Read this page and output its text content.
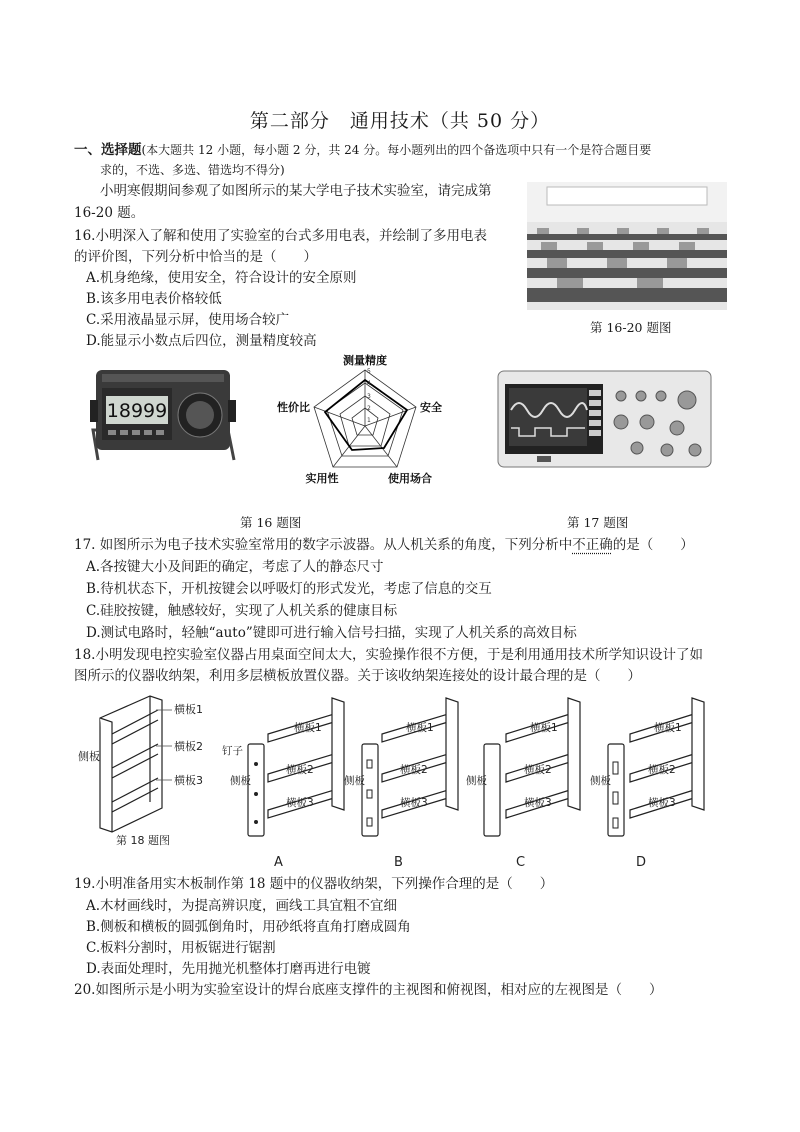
第二部分　通用技术（共 50 分）
一、选择题(本大题共 12 小题，每小题 2 分，共 24 分。每小题列出的四个备选项中只有一个是符合题目要
求的，不选、多选、错选均不得分)
小明寒假期间参观了如图所示的某大学电子技术实验室，请完成第
16-20 题。
第 16-20 题图
16.小明深入了解和使用了实验室的台式多用电表，并绘制了多用电表
的评价图，下列分析中恰当的是（　　）
A.机身绝缘，使用安全，符合设计的安全原则
B.该多用电表价格较低
C.采用液晶显示屏，使用场合较广
D.能显示小数点后四位，测量精度较高
18999	1
2
3
4
5
测量精度
安全
使用场合
实用性
性价比
第 16 题图	第 17 题图
17. 如图所示为电子技术实验室常用的数字示波器。从人机关系的角度，下列分析中不正确的是（　　）
A.各按键大小及间距的确定，考虑了人的静态尺寸
B.待机状态下，开机按键会以呼吸灯的形式发光，考虑了信息的交互
C.硅胶按键，触感较好，实现了人机关系的健康目标
D.测试电路时，轻触“auto”键即可进行输入信号扫描，实现了人机关系的高效目标
18.小明发现电控实验室仪器占用桌面空间太大，实验操作很不方便，于是利用通用技术所学知识设计了如
图所示的仪器收纳架，利用多层横板放置仪器。关于该收纳架连接处的设计最合理的是（　　）
横板1
横板2
横板3
侧板
第 18 题图
横板1
横板2
横板3
钉子
侧板
A
横板1
横板2
横板3
侧板
B
横板1
横板2
横板3
侧板
C
横板1
横板2
横板3
侧板
D
19.小明准备用实木板制作第 18 题中的仪器收纳架，下列操作合理的是（　　）
A.木材画线时，为提高辨识度，画线工具宜粗不宜细
B.侧板和横板的圆弧倒角时，用砂纸将直角打磨成圆角
C.板料分割时，用板锯进行锯割
D.表面处理时，先用抛光机整体打磨再进行电镀
20.如图所示是小明为实验室设计的焊台底座支撑件的主视图和俯视图，相对应的左视图是（　　）
